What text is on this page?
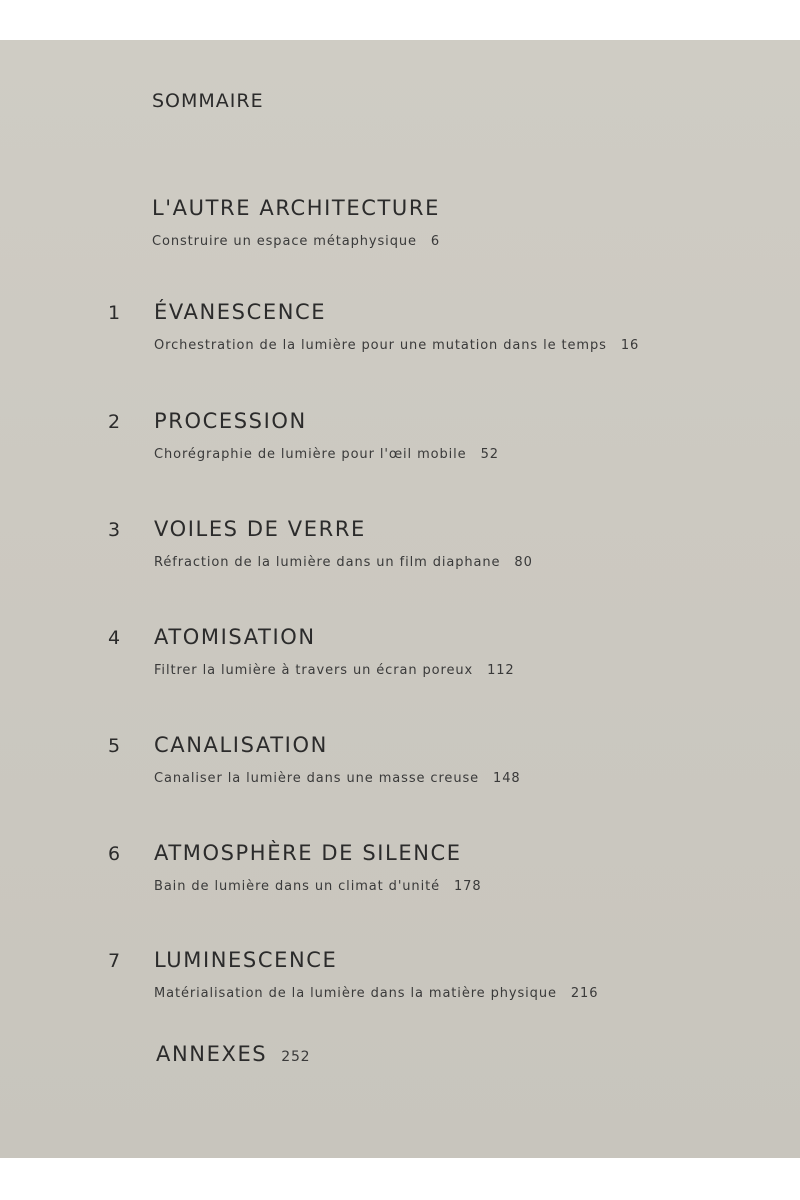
SOMMAIRE
L'AUTRE ARCHITECTURE
Construire un espace métaphysique 6
1 ÉVANESCENCE
Orchestration de la lumière pour une mutation dans le temps 16
2 PROCESSION
Chorégraphie de lumière pour l'œil mobile 52
3 VOILES DE VERRE
Réfraction de la lumière dans un film diaphane 80
4 ATOMISATION
Filtrer la lumière à travers un écran poreux 112
5 CANALISATION
Canaliser la lumière dans une masse creuse 148
6 ATMOSPHÈRE DE SILENCE
Bain de lumière dans un climat d'unité 178
7 LUMINESCENCE
Matérialisation de la lumière dans la matière physique 216
ANNEXES 252
